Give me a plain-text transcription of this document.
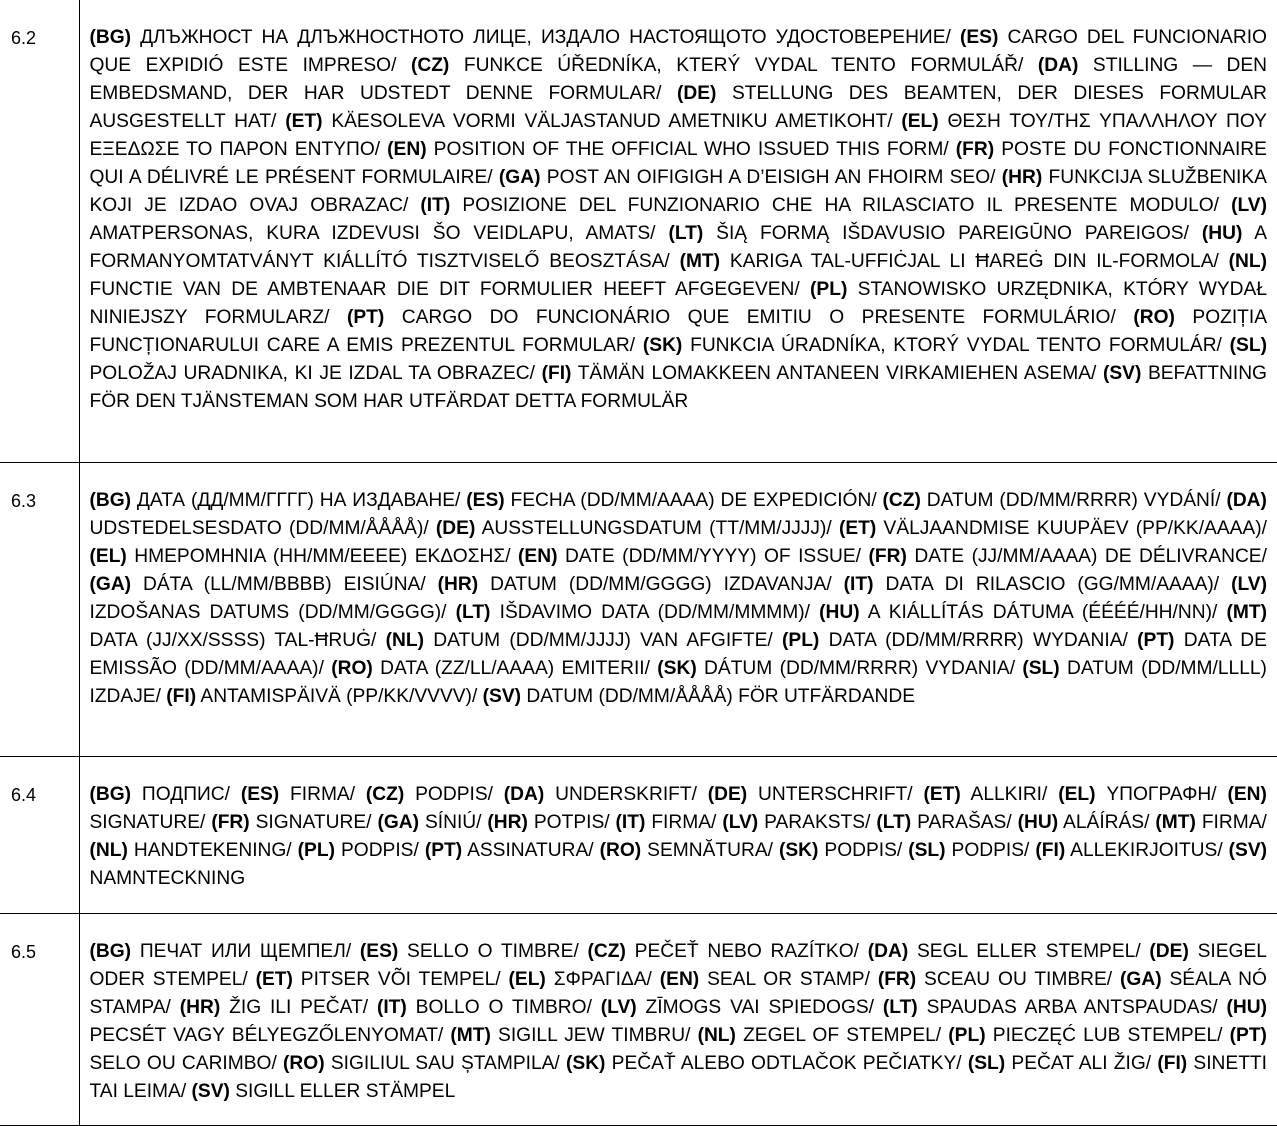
6.2	(BG) ДЛЪЖНОСТ НА ДЛЪЖНОСТНОТО ЛИЦЕ, ИЗДАЛО НАСТОЯЩОТО УДОСТОВЕРЕНИЕ/ (ES) CARGO DEL FUNCIONARIO QUE EXPIDIÓ ESTE IMPRESO/ (CZ) FUNKCE ÚŘEDNÍKA, KTERÝ VYDAL TENTO FORMULÁŘ/ (DA) STILLING — DEN EMBEDSMAND, DER HAR UDSTEDT DENNE FORMULAR/ (DE) STELLUNG DES BEAMTEN, DER DIESES FORMULAR AUSGESTELLT HAT/ (ET) KÄESOLEVA VORMI VÄLJASTANUD AMETNIKU AMETIKOHT/ (EL) ΘΕΣΗ ΤΟΥ/ΤΗΣ ΥΠΑΛΛΗΛΟΥ ΠΟΥ ΕΞΕΔΩΣΕ ΤΟ ΠΑΡΟΝ ΕΝΤΥΠΟ/ (EN) POSITION OF THE OFFICIAL WHO ISSUED THIS FORM/ (FR) POSTE DU FONCTIONNAIRE QUI A DÉLIVRÉ LE PRÉSENT FORMULAIRE/ (GA) POST AN OIFIGIGH A D’EISIGH AN FHOIRM SEO/ (HR) FUNKCIJA SLUŽBENIKA KOJI JE IZDAO OVAJ OBRAZAC/ (IT) POSIZIONE DEL FUNZIONARIO CHE HA RILASCIATO IL PRESENTE MODULO/ (LV) AMATPERSONAS, KURA IZDEVUSI ŠO VEIDLAPU, AMATS/ (LT) ŠIĄ FORMĄ IŠDAVUSIO PAREIGŪNO PAREIGOS/ (HU) A FORMANYOMTATVÁNYT KIÁLLÍTÓ TISZTVISELŐ BEOSZTÁSA/ (MT) KARIGA TAL-UFFIĊJAL LI ĦAREĠ DIN IL-FORMOLA/ (NL) FUNCTIE VAN DE AMBTENAAR DIE DIT FORMULIER HEEFT AFGEGEVEN/ (PL) STANOWISKO URZĘDNIKA, KTÓRY WYDAŁ NINIEJSZY FORMULARZ/ (PT) CARGO DO FUNCIONÁRIO QUE EMITIU O PRESENTE FORMULÁRIO/ (RO) POZIȚIA FUNCȚIONARULUI CARE A EMIS PREZENTUL FORMULAR/ (SK) FUNKCIA ÚRADNÍKA, KTORÝ VYDAL TENTO FORMULÁR/ (SL) POLOŽAJ URADNIKA, KI JE IZDAL TA OBRAZEC/ (FI) TÄMÄN LOMAKKEEN ANTANEEN VIRKAMIEHEN ASEMA/ (SV) BEFATTNING FÖR DEN TJÄNSTEMAN SOM HAR UTFÄRDAT DETTA FORMULÄR
6.3	(BG) ДАТА (ДД/ММ/ГГГГ) НА ИЗДАВАНЕ/ (ES) FECHA (DD/MM/AAAA) DE EXPEDICIÓN/ (CZ) DATUM (DD/MM/RRRR) VYDÁNÍ/ (DA) UDSTEDELSESDATO (DD/MM/ÅÅÅÅ)/ (DE) AUSSTELLUNGSDATUM (TT/MM/JJJJ)/ (ET) VÄLJAANDMISE KUUPÄEV (PP/KK/AAAA)/ (EL) ΗΜΕΡΟΜΗΝΙΑ (ΗΗ/ΜΜ/ΕΕΕΕ) ΕΚΔΟΣΗΣ/ (EN) DATE (DD/MM/YYYY) OF ISSUE/ (FR) DATE (JJ/MM/AAAA) DE DÉLIVRANCE/ (GA) DÁTA (LL/MM/BBBB) EISIÚNA/ (HR) DATUM (DD/MM/GGGG) IZDAVANJA/ (IT) DATA DI RILASCIO (GG/MM/AAAA)/ (LV) IZDOŠANAS DATUMS (DD/MM/GGGG)/ (LT) IŠDAVIMO DATA (DD/MM/MMMM)/ (HU) A KIÁLLÍTÁS DÁTUMA (ÉÉÉÉ/HH/NN)/ (MT) DATA (JJ/XX/SSSS) TAL-ĦRUĠ/ (NL) DATUM (DD/MM/JJJJ) VAN AFGIFTE/ (PL) DATA (DD/MM/RRRR) WYDANIA/ (PT) DATA DE EMISSÃO (DD/MM/AAAA)/ (RO) DATA (ZZ/LL/AAAA) EMITERII/ (SK) DÁTUM (DD/MM/RRRR) VYDANIA/ (SL) DATUM (DD/MM/LLLL) IZDAJE/ (FI) ANTAMISPÄIVÄ (PP/KK/VVVV)/ (SV) DATUM (DD/MM/ÅÅÅÅ) FÖR UTFÄRDANDE
6.4	(BG) ПОДПИС/ (ES) FIRMA/ (CZ) PODPIS/ (DA) UNDERSKRIFT/ (DE) UNTERSCHRIFT/ (ET) ALLKIRI/ (EL) ΥΠΟΓΡΑΦΗ/ (EN) SIGNATURE/ (FR) SIGNATURE/ (GA) SÍNIÚ/ (HR) POTPIS/ (IT) FIRMA/ (LV) PARAKSTS/ (LT) PARAŠAS/ (HU) ALÁÍRÁS/ (MT) FIRMA/ (NL) HANDTEKENING/ (PL) PODPIS/ (PT) ASSINATURA/ (RO) SEMNĂTURA/ (SK) PODPIS/ (SL) PODPIS/ (FI) ALLEKIRJOITUS/ (SV) NAMNTECKNING
6.5	(BG) ПЕЧАТ ИЛИ ЩЕМПЕЛ/ (ES) SELLO O TIMBRE/ (CZ) PEČEŤ NEBO RAZÍTKO/ (DA) SEGL ELLER STEMPEL/ (DE) SIEGEL ODER STEMPEL/ (ET) PITSER VÕI TEMPEL/ (EL) ΣΦΡΑΓΙΔΑ/ (EN) SEAL OR STAMP/ (FR) SCEAU OU TIMBRE/ (GA) SÉALA NÓ STAMPA/ (HR) ŽIG ILI PEČAT/ (IT) BOLLO O TIMBRO/ (LV) ZĪMOGS VAI SPIEDOGS/ (LT) SPAUDAS ARBA ANTSPAUDAS/ (HU) PECSÉT VAGY BÉLYEGZŐLENYOMAT/ (MT) SIGILL JEW TIMBRU/ (NL) ZEGEL OF STEMPEL/ (PL) PIECZĘĆ LUB STEMPEL/ (PT) SELO OU CARIMBO/ (RO) SIGILIUL SAU ȘTAMPILA/ (SK) PEČAŤ ALEBO ODTLAČOK PEČIATKY/ (SL) PEČAT ALI ŽIG/ (FI) SINETTI TAI LEIMA/ (SV) SIGILL ELLER STÄMPEL
